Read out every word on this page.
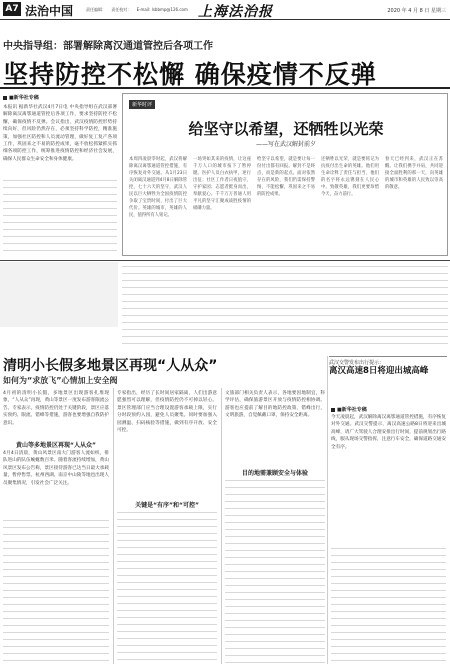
A7 法治中国	责任编辑： 责任校对： E-mail: lsbbmp@126.com 上海法治报	2020 年 4 月 8 日 星期三
中央指导组：部署解除离汉通道管控后各项工作
坚持防控不松懈 确保疫情不反弹
■新华社专稿
本报讯 据新华社武汉4月7日电 中央指导组在武汉部署解除离汉离鄂通道管控后各项工作，要求坚持防控不松懈，确保疫情不反弹。会议指出，武汉疫情防控形势持续向好，但风险仍然存在，必须坚持科学防控，精准施策，加强社区防控和人员流动管理，做好复工复产各项工作，巩固来之不易的防控成果，毫不放松抓紧抓实抓细各项防控工作，统筹推进疫情防控和经济社会发展，确保人民群众生命安全和身体健康。
新华时评
给坚守以希望，还牺牲以光荣
——写在武汉解封前夕
本周四凌晨零时起，武汉将解除离汉离鄂通道管控措施，有序恢复对外交通。从1月23日关闭离汉通道到4月8日解除管控，七十六天的坚守，武汉人民以巨大牺牲为全国疫情防控争取了宝贵时间，付出了巨大代价。英雄的城市，英雄的人民，值得所有人铭记。
一场突如其来的疫情，让这座千万人口的城市按下了暂停键。医护人员白衣执甲，逆行出征；社区工作者日夜值守，守护家园；志愿者挺身而出，奉献爱心。千千万万普通人用平凡的坚守汇聚成战胜疫情的磅礴力量。
给坚守以希望，就是要让每一份付出都有回报。解封不是终点，而是新的起点。面对依然存在的风险，我们仍需保持警惕，不能松懈，巩固来之不易的防控成果。
还牺牲以光荣，就是要铭记为抗疫付出生命的英雄。他们用生命诠释了责任与担当，他们的名字将永远镌刻在人民心中。致敬英雄，我们更要珍惜今天，奋力前行。
春天已经到来，武汉正在苏醒。让我们携手并肩，共同迎接全面胜利的那一天，向英雄的城市和英雄的人民致以崇高的敬意。
清明小长假多地景区再现“人从众”
如何为“求放飞”心情加上安全阀
4月初的清明小长假，多地景区出现游客扎堆现象，“人从众”再现，黄山等景区一度发布游客限流公告。专家表示，疫情防控仍处于关键阶段，景区应落实预约、限流、错峰等措施，游客也要增强自我防护意识。
黄山等多地景区再现“人从众”
4月4日清晨，黄山风景区南大门游客人流如织，排队进山的队伍蜿蜒数百米。随着客流持续增加，黄山风景区发布公告称，景区接待游客已达当日最大承载量，暂停售票。杭州西湖、南京中山陵等地也出现人员聚集情况，引发社会广泛关注。
专家指出，经历了长时间居家隔离，人们出游意愿强烈可以理解，但疫情防控仍不可掉以轻心。景区管理部门应当合理设置游客承载上限，实行分时段预约入园，避免人员聚集。同时要加强入园测温、扫码核验等措施，做到有序开放、安全可控。
关键是“有序”和“可控”
文旅部门相关负责人表示，各地要因地制宜，科学评估，确保旅游景区开放与疫情防控相协调。游客也应提前了解目的地防控政策，错峰出行，文明旅游，自觉佩戴口罩，保持安全距离。
目的地需兼顾安全与体验
武汉交警发布出行提示：
离汉高速8日将迎出城高峰
■新华社专稿
今天凌晨起，武汉解除离汉离鄂通道管控措施，有序恢复对外交通。武汉交警提示，离汉高速公路8日将迎来出城高峰，请广大驾驶人合理安排出行时间，提前规划出行路线，服从现场交警指挥，注意行车安全，确保道路交通安全有序。
